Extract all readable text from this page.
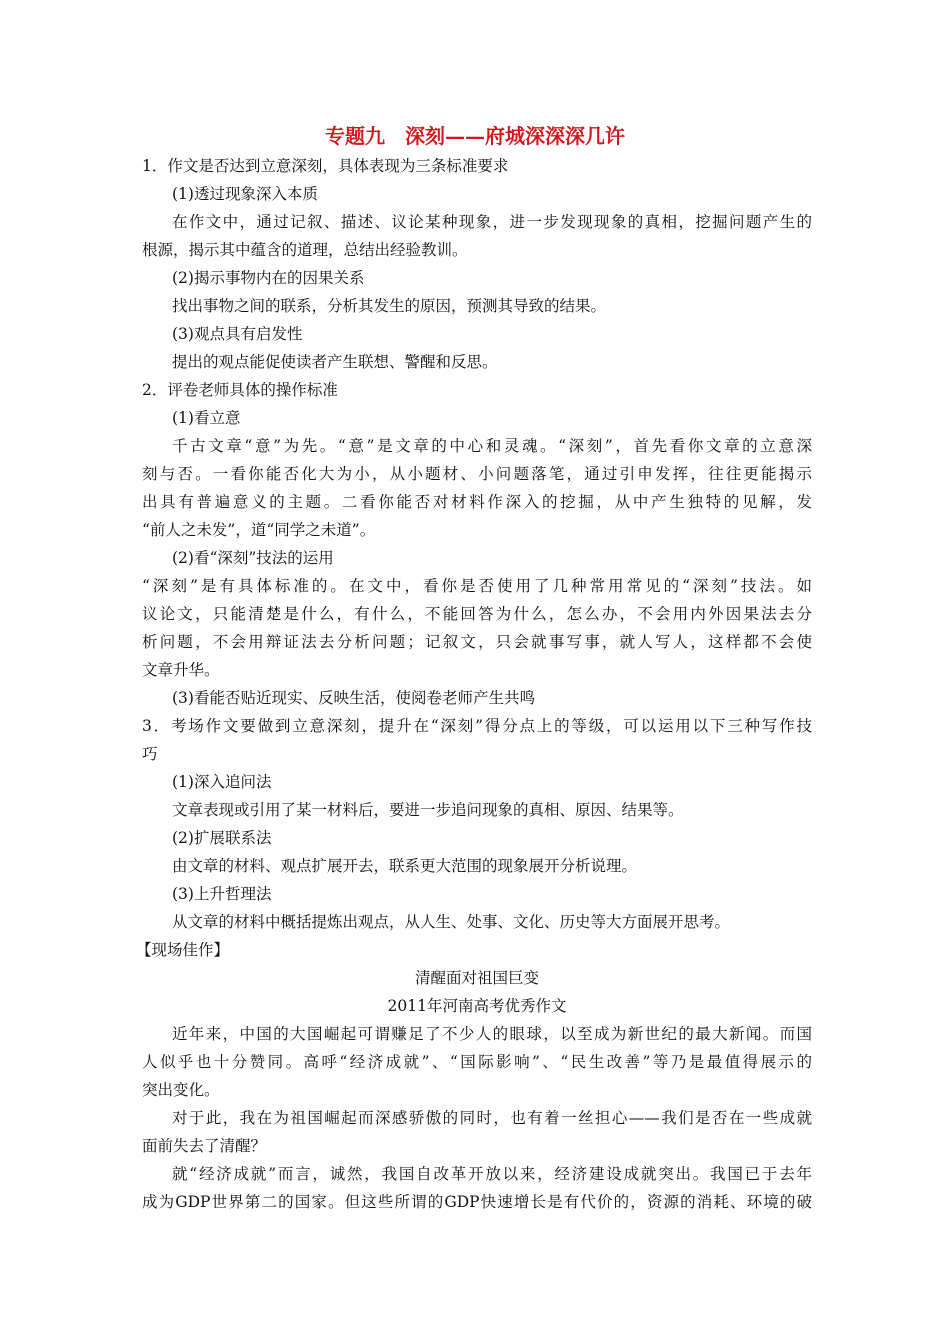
专题九　深刻——府城深深深几许
1．作文是否达到立意深刻，具体表现为三条标准要求
(1)透过现象深入本质
在作文中，通过记叙、描述、议论某种现象，进一步发现现象的真相，挖掘问题产生的
根源，揭示其中蕴含的道理，总结出经验教训。
(2)揭示事物内在的因果关系
找出事物之间的联系，分析其发生的原因，预测其导致的结果。
(3)观点具有启发性
提出的观点能促使读者产生联想、警醒和反思。
2．评卷老师具体的操作标准
(1)看立意
千古文章“意”为先。“意”是文章的中心和灵魂。“深刻”，首先看你文章的立意深
刻与否。一看你能否化大为小，从小题材、小问题落笔，通过引申发挥，往往更能揭示
出具有普遍意义的主题。二看你能否对材料作深入的挖掘，从中产生独特的见解，发
“前人之未发”，道“同学之未道”。
(2)看“深刻”技法的运用
“深刻”是有具体标准的。在文中，看你是否使用了几种常用常见的“深刻”技法。如
议论文，只能清楚是什么，有什么，不能回答为什么，怎么办，不会用内外因果法去分
析问题，不会用辩证法去分析问题；记叙文，只会就事写事，就人写人，这样都不会使
文章升华。
(3)看能否贴近现实、反映生活，使阅卷老师产生共鸣
3．考场作文要做到立意深刻，提升在“深刻”得分点上的等级，可以运用以下三种写作技
巧
(1)深入追问法
文章表现或引用了某一材料后，要进一步追问现象的真相、原因、结果等。
(2)扩展联系法
由文章的材料、观点扩展开去，联系更大范围的现象展开分析说理。
(3)上升哲理法
从文章的材料中概括提炼出观点，从人生、处事、文化、历史等大方面展开思考。
【现场佳作】
清醒面对祖国巨变
2011年河南高考优秀作文
近年来，中国的大国崛起可谓赚足了不少人的眼球，以至成为新世纪的最大新闻。而国
人似乎也十分赞同。高呼“经济成就”、“国际影响”、“民生改善”等乃是最值得展示的
突出变化。
对于此，我在为祖国崛起而深感骄傲的同时，也有着一丝担心——我们是否在一些成就
面前失去了清醒？
就“经济成就”而言，诚然，我国自改革开放以来，经济建设成就突出。我国已于去年
成为GDP世界第二的国家。但这些所谓的GDP快速增长是有代价的，资源的消耗、环境的破
